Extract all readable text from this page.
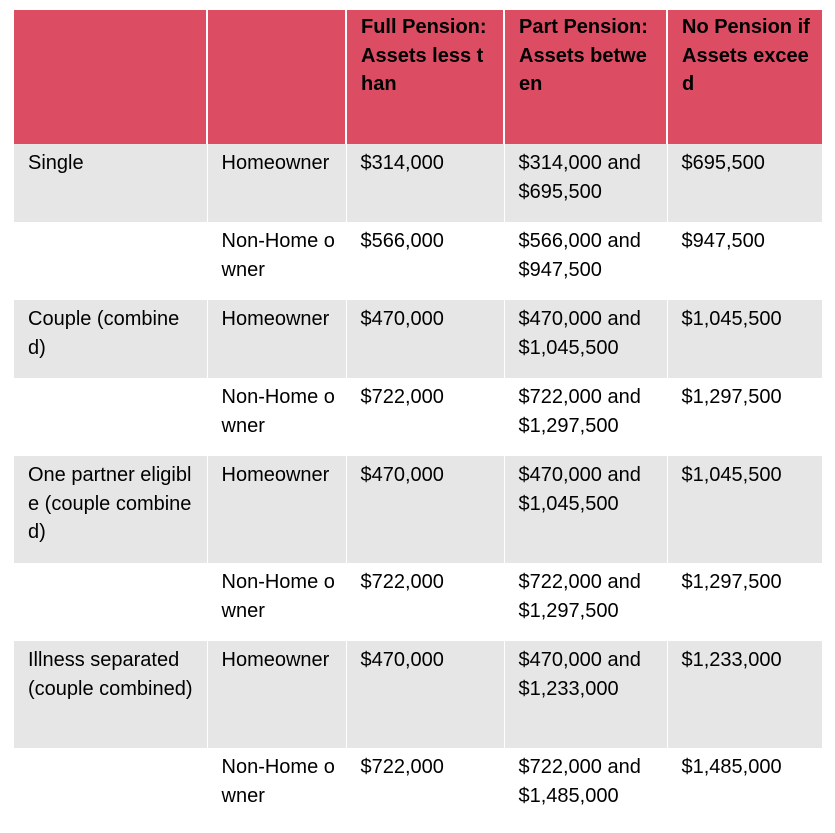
		Full Pension: Assets less than	Part Pension: Assets between	No Pension if Assets exceed
Single	Homeowner	$314,000	$314,000 and $695,500	$695,500
	Non-Home owner	$566,000	$566,000 and $947,500	$947,500
Couple (combined)	Homeowner	$470,000	$470,000 and $1,045,500	$1,045,500
	Non-Home owner	$722,000	$722,000 and $1,297,500	$1,297,500
One partner eligible (couple combined)	Homeowner	$470,000	$470,000 and $1,045,500	$1,045,500
	Non-Home owner	$722,000	$722,000 and $1,297,500	$1,297,500
Illness separated (couple combined)	Homeowner	$470,000	$470,000 and $1,233,000	$1,233,000
	Non-Home owner	$722,000	$722,000 and $1,485,000	$1,485,000
